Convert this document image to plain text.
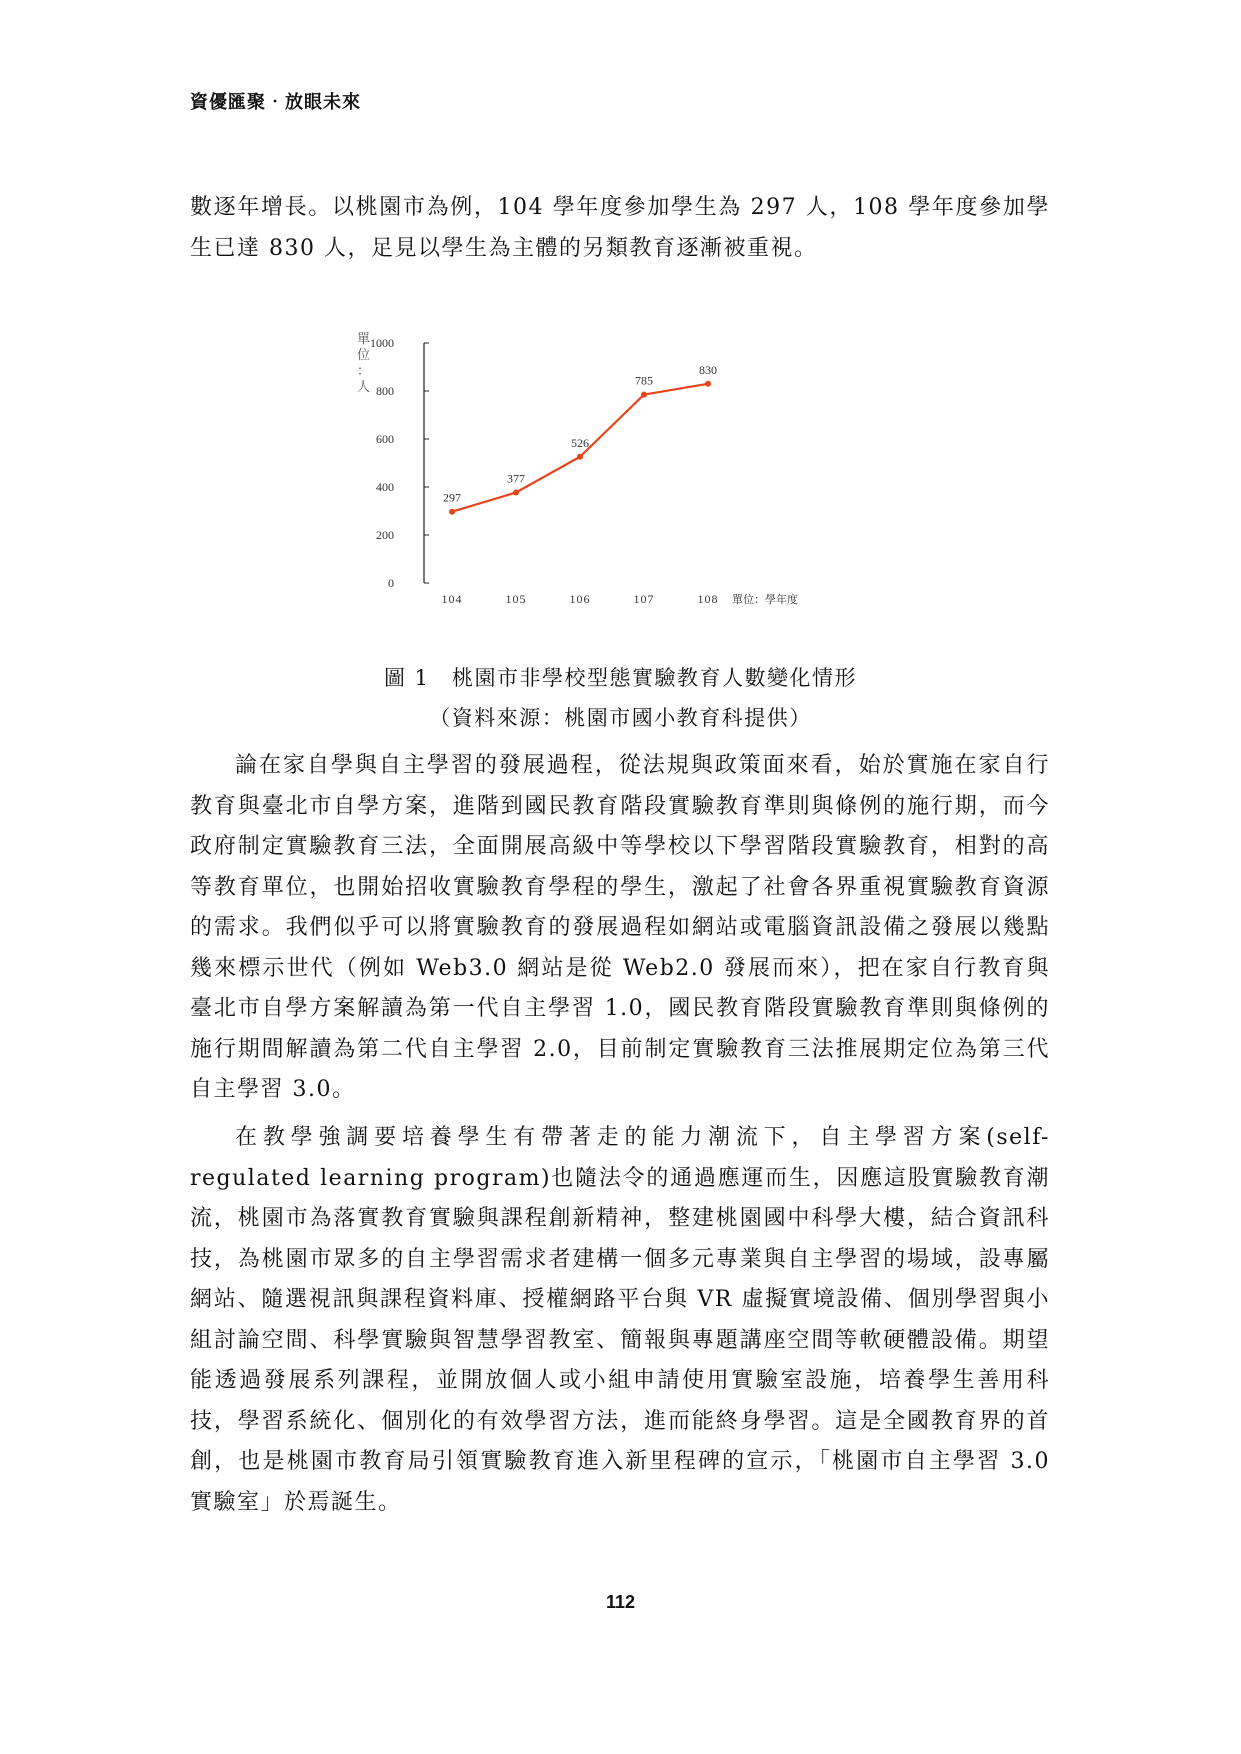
資優匯聚‧放眼未來

數逐年增長。以桃園市為例，104 學年度參加學生為 297 人，108 學年度參加學生已達 830 人，足見以學生為主體的另類教育逐漸被重視。

單
位
：
人
0
200
400
600
800
1000
104	105	106	107	108
297
377
526
785
830
單位：學年度
圖 1　桃園市非學校型態實驗教育人數變化情形
（資料來源：桃園市國小教育科提供）

論在家自學與自主學習的發展過程，從法規與政策面來看，始於實施在家自行教育與臺北市自學方案，進階到國民教育階段實驗教育準則與條例的施行期，而今政府制定實驗教育三法，全面開展高級中等學校以下學習階段實驗教育，相對的高等教育單位，也開始招收實驗教育學程的學生，激起了社會各界重視實驗教育資源的需求。我們似乎可以將實驗教育的發展過程如網站或電腦資訊設備之發展以幾點幾來標示世代（例如 Web3.0 網站是從 Web2.0 發展而來），把在家自行教育與臺北市自學方案解讀為第一代自主學習 1.0，國民教育階段實驗教育準則與條例的施行期間解讀為第二代自主學習 2.0，目前制定實驗教育三法推展期定位為第三代自主學習 3.0。

在教學強調要培養學生有帶著走的能力潮流下，自主學習方案(self-regulated learning program)也隨法令的通過應運而生，因應這股實驗教育潮流，桃園市為落實教育實驗與課程創新精神，整建桃園國中科學大樓，結合資訊科技，為桃園市眾多的自主學習需求者建構一個多元專業與自主學習的場域，設專屬網站、隨選視訊與課程資料庫、授權網路平台與 VR 虛擬實境設備、個別學習與小組討論空間、科學實驗與智慧學習教室、簡報與專題講座空間等軟硬體設備。期望能透過發展系列課程，並開放個人或小組申請使用實驗室設施，培養學生善用科技，學習系統化、個別化的有效學習方法，進而能終身學習。這是全國教育界的首創，也是桃園市教育局引領實驗教育進入新里程碑的宣示，「桃園市自主學習 3.0 實驗室」於焉誕生。

112
